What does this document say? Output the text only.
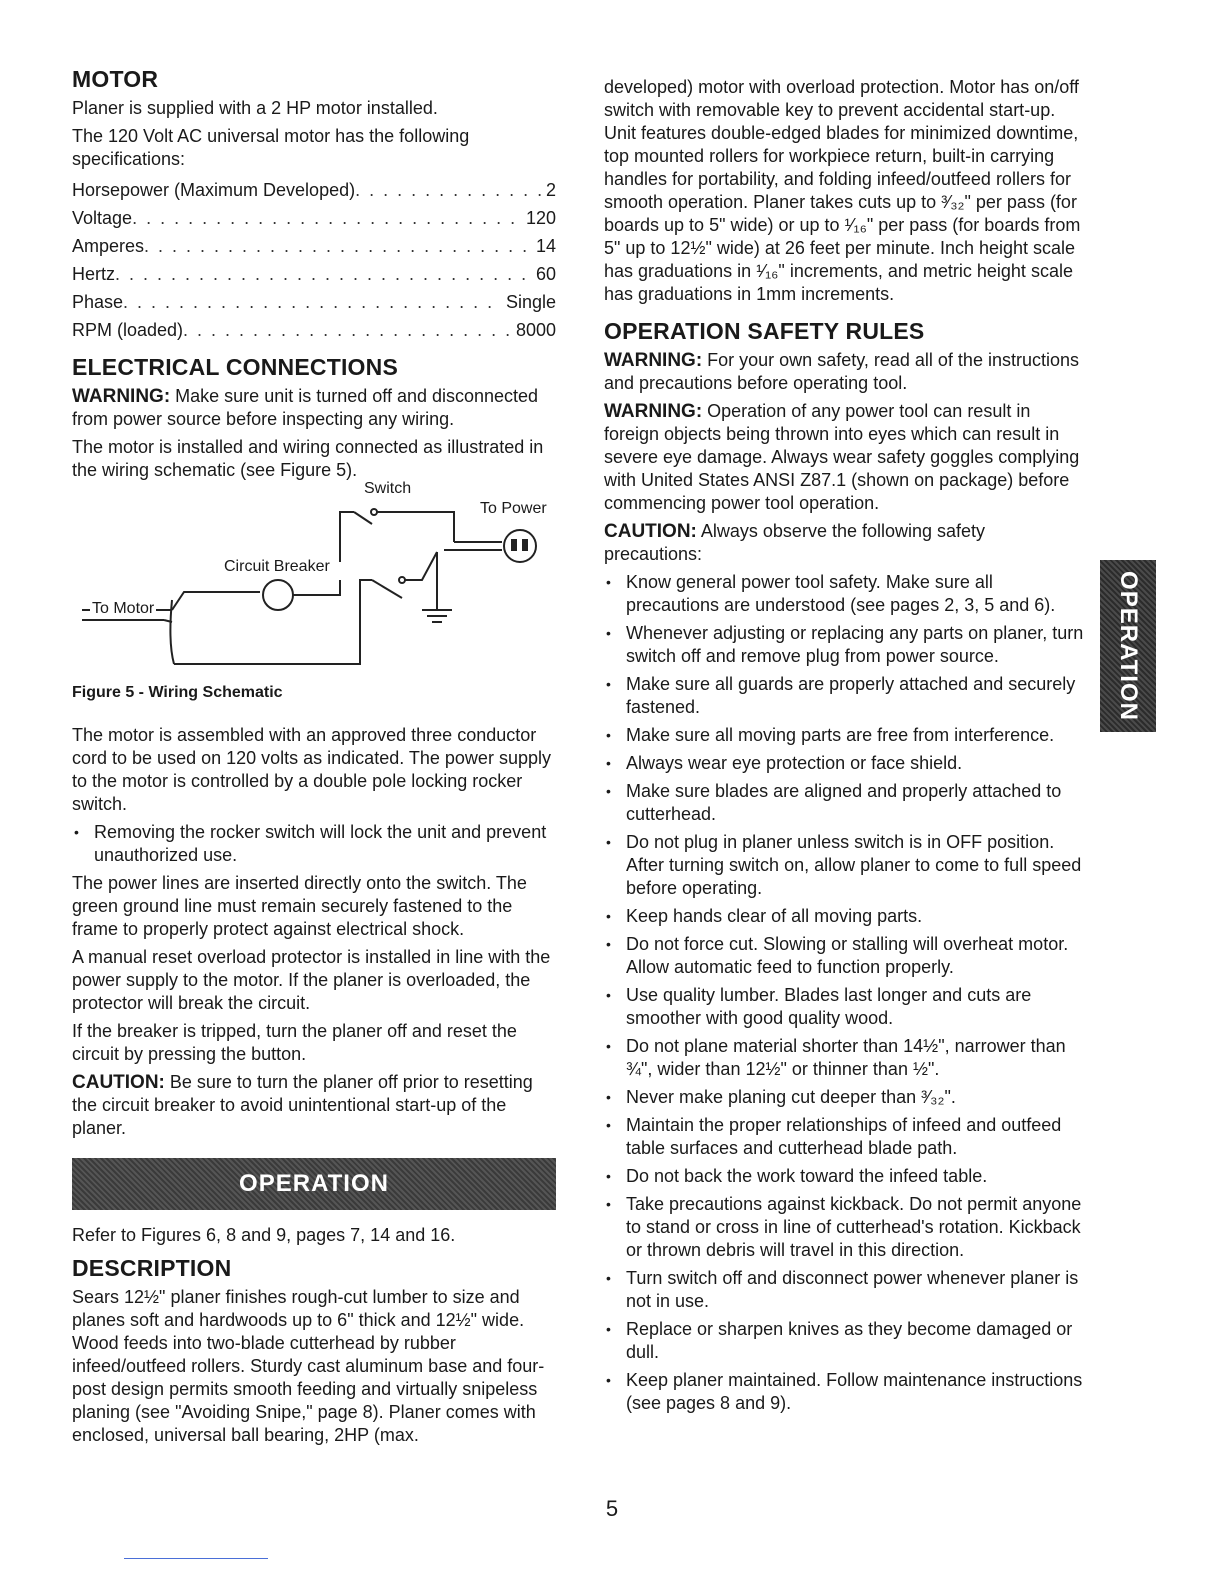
MOTOR

Planer is supplied with a 2 HP motor installed.

The 120 Volt AC universal motor has the following specifications:

Horsepower (Maximum Developed) . . .	2
Voltage . . .	120
Amperes . . .	14
Hertz . . .	60
Phase . . .	Single
RPM (loaded) . . .	8000
ELECTRICAL CONNECTIONS

WARNING: Make sure unit is turned off and disconnected from power source before inspecting any wiring.

The motor is installed and wiring connected as illustrated in the wiring schematic (see Figure 5).

Switch
To Power
Circuit Breaker
To Motor
Figure 5 - Wiring Schematic

The motor is assembled with an approved three conductor cord to be used on 120 volts as indicated. The power supply to the motor is controlled by a double pole locking rocker switch.

• Removing the rocker switch will lock the unit and prevent unauthorized use.

The power lines are inserted directly onto the switch. The green ground line must remain securely fastened to the frame to properly protect against electrical shock.

A manual reset overload protector is installed in line with the power supply to the motor. If the planer is overloaded, the protector will break the circuit.

If the breaker is tripped, turn the planer off and reset the circuit by pressing the button.

CAUTION: Be sure to turn the planer off prior to resetting the circuit breaker to avoid unintentional start-up of the planer.

OPERATION

Refer to Figures 6, 8 and 9, pages 7, 14 and 16.

DESCRIPTION

Sears 12½" planer finishes rough-cut lumber to size and planes soft and hardwoods up to 6" thick and 12½" wide. Wood feeds into two-blade cutterhead by rubber infeed/outfeed rollers. Sturdy cast aluminum base and four-post design permits smooth feeding and virtually snipeless planing (see "Avoiding Snipe," page 8). Planer comes with enclosed, universal ball bearing, 2HP (max.

developed) motor with overload protection. Motor has on/off switch with removable key to prevent accidental start-up. Unit features double-edged blades for minimized downtime, top mounted rollers for workpiece return, built-in carrying handles for portability, and folding infeed/outfeed rollers for smooth operation. Planer takes cuts up to ³⁄₃₂" per pass (for boards up to 5" wide) or up to ¹⁄₁₆" per pass (for boards from 5" up to 12½" wide) at 26 feet per minute. Inch height scale has graduations in ¹⁄₁₆" increments, and metric height scale has graduations in 1mm increments.

OPERATION SAFETY RULES

WARNING: For your own safety, read all of the instructions and precautions before operating tool.

WARNING: Operation of any power tool can result in foreign objects being thrown into eyes which can result in severe eye damage. Always wear safety goggles complying with United States ANSI Z87.1 (shown on package) before commencing power tool operation.

CAUTION: Always observe the following safety precautions:

• Know general power tool safety. Make sure all precautions are understood (see pages 2, 3, 5 and 6).
• Whenever adjusting or replacing any parts on planer, turn switch off and remove plug from power source.
• Make sure all guards are properly attached and securely fastened.
• Make sure all moving parts are free from interference.
• Always wear eye protection or face shield.
• Make sure blades are aligned and properly attached to cutterhead.
• Do not plug in planer unless switch is in OFF position. After turning switch on, allow planer to come to full speed before operating.
• Keep hands clear of all moving parts.
• Do not force cut. Slowing or stalling will overheat motor. Allow automatic feed to function properly.
• Use quality lumber. Blades last longer and cuts are smoother with good quality wood.
• Do not plane material shorter than 14½", narrower than ¾", wider than 12½" or thinner than ½".
• Never make planing cut deeper than ³⁄₃₂".
• Maintain the proper relationships of infeed and outfeed table surfaces and cutterhead blade path.
• Do not back the work toward the infeed table.
• Take precautions against kickback. Do not permit anyone to stand or cross in line of cutterhead's rotation. Kickback or thrown debris will travel in this direction.
• Turn switch off and disconnect power whenever planer is not in use.
• Replace or sharpen knives as they become damaged or dull.
• Keep planer maintained. Follow maintenance instructions (see pages 8 and 9).
OPERATION
5
